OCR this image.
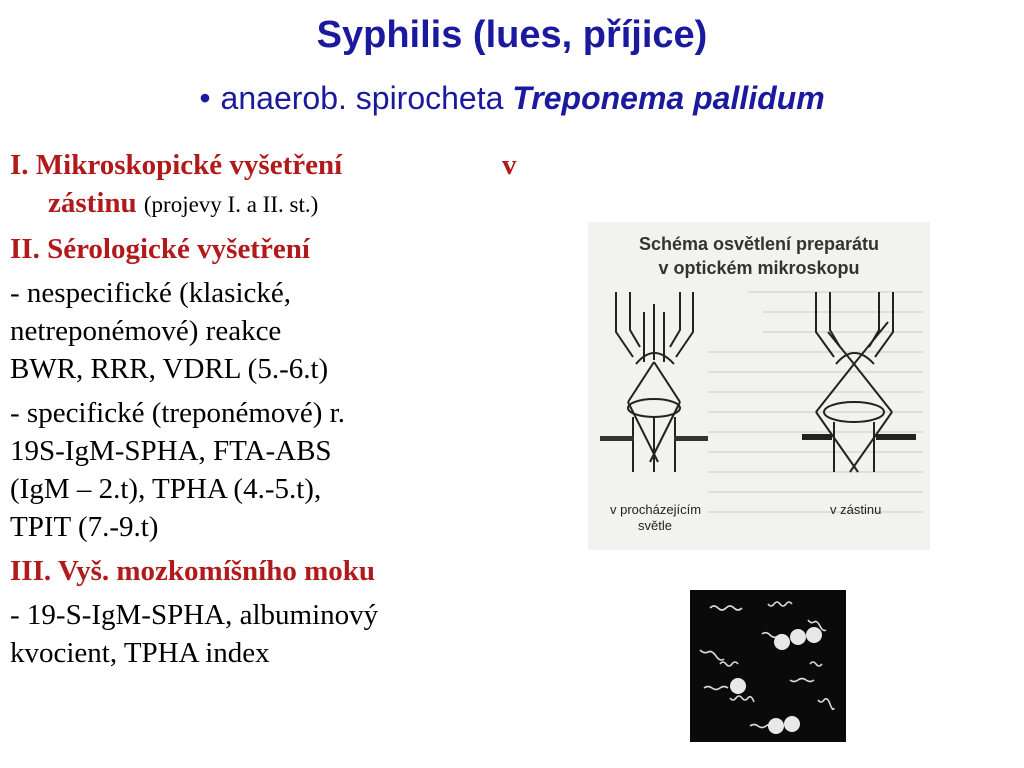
Syphilis (lues, příjice)
• anaerob. spirocheta Treponema pallidum
I. Mikroskopické vyšetření	v

zástinu (projevy I. a II. st.)
II. Sérologické vyšetření
- nespecifické (klasické,
netreponémové) reakce
BWR, RRR, VDRL (5.-6.t)
- specifické (treponémové) r.
19S-IgM-SPHA, FTA-ABS
(IgM – 2.t), TPHA (4.-5.t),
TPIT (7.-9.t)
III. Vyš. mozkomíšního moku
- 19-S-IgM-SPHA, albuminový
kvocient, TPHA index
Schéma osvětlení preparátu
v optickém mikroskopu
v procházejícím
světle
v zástinu
